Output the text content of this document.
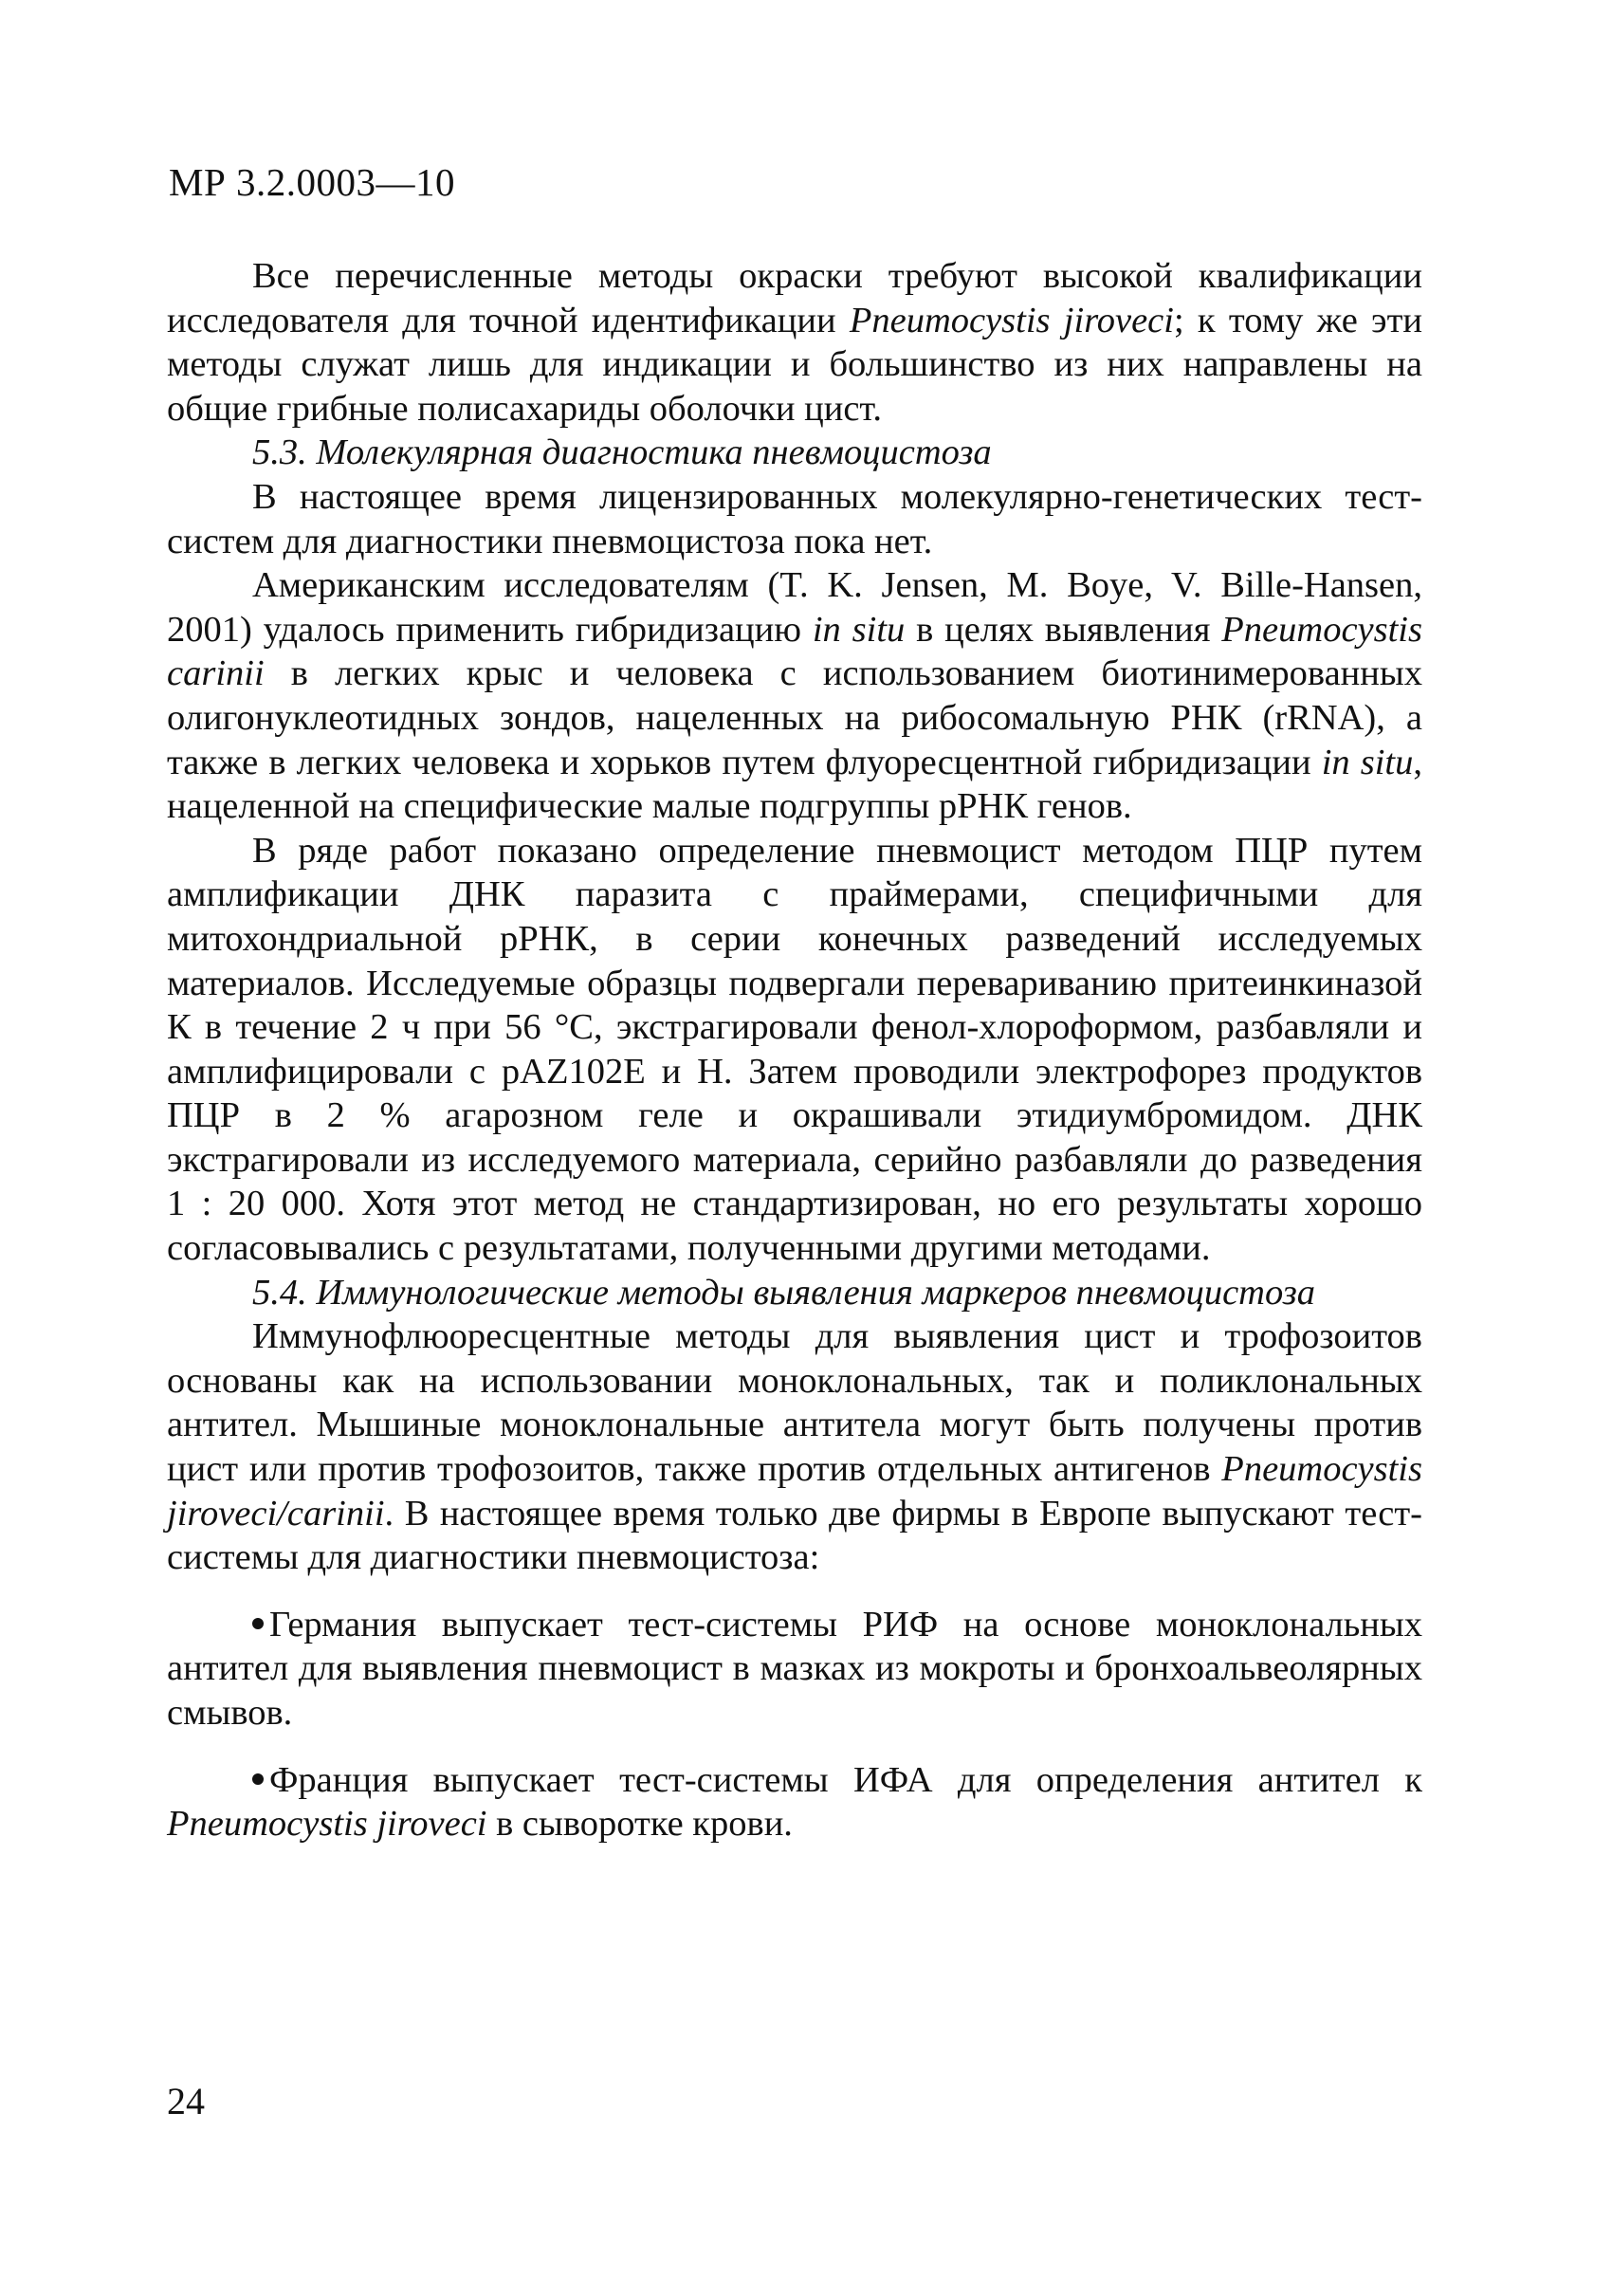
МР 3.2.0003—10

Все перечисленные методы окраски требуют высокой квалификации исследователя для точной идентификации Pneumocystis jiroveci; к тому же эти методы служат лишь для индикации и большинство из них направлены на общие грибные полисахариды оболочки цист.

5.3. Молекулярная диагностика пневмоцистоза

В настоящее время лицензированных молекулярно-генетических тест-систем для диагностики пневмоцистоза пока нет.

Американским исследователям (T. K. Jensen, M. Boye, V. Bille-Hansen, 2001) удалось применить гибридизацию in situ в целях выявления Pneumocystis carinii в легких крыс и человека с использованием биотинимерованных олигонуклеотидных зондов, нацеленных на рибосомальную РНК (rRNA), а также в легких человека и хорьков путем флуоресцентной гибридизации in situ, нацеленной на специфические малые подгруппы рРНК генов.

В ряде работ показано определение пневмоцист методом ПЦР путем амплификации ДНК паразита с праймерами, специфичными для митохондриальной рРНК, в серии конечных разведений исследуемых материалов. Исследуемые образцы подвергали перевариванию притеинкиназой К в течение 2 ч при 56 °С, экстрагировали фенол-хлороформом, разбавляли и амплифицировали с pAZ102E и Н. Затем проводили электрофорез продуктов ПЦР в 2 % агарозном геле и окрашивали этидиумбромидом. ДНК экстрагировали из исследуемого материала, серийно разбавляли до разведения 1 : 20 000. Хотя этот метод не стандартизирован, но его результаты хорошо согласовывались с результатами, полученными другими методами.

5.4. Иммунологические методы выявления маркеров пневмоцистоза

Иммунофлюоресцентные методы для выявления цист и трофозоитов основаны как на использовании моноклональных, так и поликлональных антител. Мышиные моноклональные антитела могут быть получены против цист или против трофозоитов, также против отдельных антигенов Pneumocystis jiroveci/carinii. В настоящее время только две фирмы в Европе выпускают тест-системы для диагностики пневмоцистоза:

Германия выпускает тест-системы РИФ на основе моноклональных антител для выявления пневмоцист в мазках из мокроты и бронхоальвеолярных смывов.

Франция выпускает тест-системы ИФА для определения антител к Pneumocystis jiroveci в сыворотке крови.

24
